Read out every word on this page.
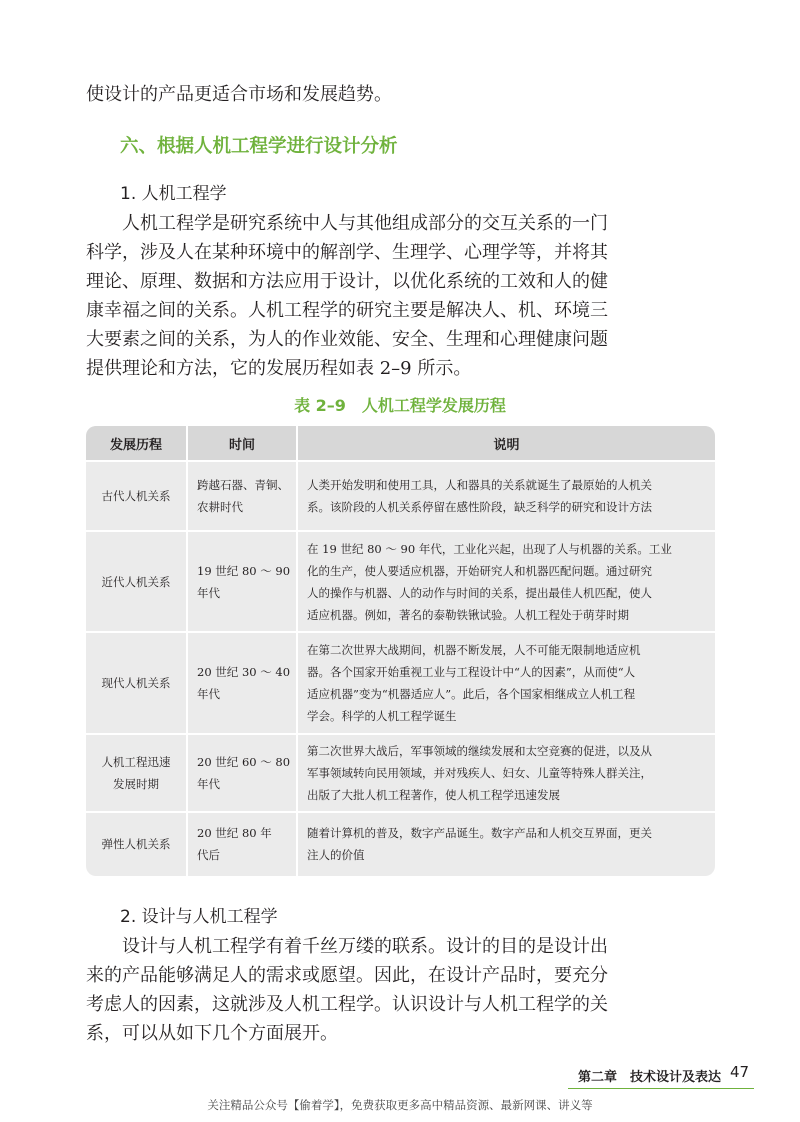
使设计的产品更适合市场和发展趋势。

六、根据人机工程学进行设计分析
1. 人机工程学

人机工程学是研究系统中人与其他组成部分的交互关系的一门
科学，涉及人在某种环境中的解剖学、生理学、心理学等，并将其
理论、原理、数据和方法应用于设计，以优化系统的工效和人的健
康幸福之间的关系。人机工程学的研究主要是解决人、机、环境三
大要素之间的关系，为人的作业效能、安全、生理和心理健康问题
提供理论和方法，它的发展历程如表 2–9 所示。

表 2–9　人机工程学发展历程
发展历程	时间	说明

古代人机关系	跨越石器、青铜、
农耕时代	人类开始发明和使用工具，人和器具的关系就诞生了最原始的人机关
系。该阶段的人机关系停留在感性阶段，缺乏科学的研究和设计方法

近代人机关系	19 世纪 80 ～ 90
年代	在 19 世纪 80 ～ 90 年代，工业化兴起，出现了人与机器的关系。工业
化的生产，使人要适应机器，开始研究人和机器匹配问题。通过研究
人的操作与机器、人的动作与时间的关系，提出最佳人机匹配，使人
适应机器。例如，著名的泰勒铁锹试验。人机工程处于萌芽时期

现代人机关系	20 世纪 30 ～ 40
年代	在第二次世界大战期间，机器不断发展，人不可能无限制地适应机
器。各个国家开始重视工业与工程设计中“人的因素”，从而使“人
适应机器”变为“机器适应人”。此后，各个国家相继成立人机工程
学会。科学的人机工程学诞生

人机工程迅速
发展时期	20 世纪 60 ～ 80
年代	第二次世界大战后，军事领域的继续发展和太空竞赛的促进，以及从
军事领域转向民用领域，并对残疾人、妇女、儿童等特殊人群关注，
出版了大批人机工程著作，使人机工程学迅速发展

弹性人机关系	20 世纪 80 年
代后	随着计算机的普及，数字产品诞生。数字产品和人机交互界面，更关
注人的价值
2. 设计与人机工程学

设计与人机工程学有着千丝万缕的联系。设计的目的是设计出
来的产品能够满足人的需求或愿望。因此，在设计产品时，要充分
考虑人的因素，这就涉及人机工程学。认识设计与人机工程学的关
系，可以从如下几个方面展开。

第二章　技术设计及表达 47
关注精品公众号【偷着学】，免费获取更多高中精品资源、最新网课、讲义等
